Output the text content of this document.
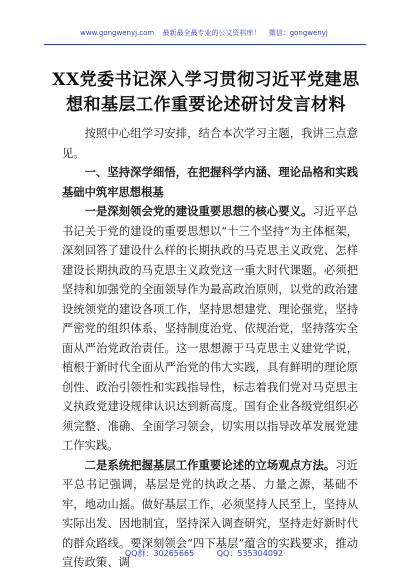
www.gongwenyj.com 最新最全最专业的公文资料库！ 微信：gongwenyj
XX党委书记深入学习贯彻习近平党建思想和基层工作重要论述研讨发言材料

按照中心组学习安排，结合本次学习主题，我讲三点意见。

一、坚持深学细悟，在把握科学内涵、理论品格和实践基础中筑牢思想根基

一是深刻领会党的建设重要思想的核心要义。习近平总书记关于党的建设的重要思想以“十三个坚持”为主体框架，深刻回答了建设什么样的长期执政的马克思主义政党、怎样建设长期执政的马克思主义政党这一重大时代课题。必须把坚持和加强党的全面领导作为最高政治原则，以党的政治建设统领党的建设各项工作，坚持思想建党、理论强党，坚持严密党的组织体系，坚持制度治党、依规治党，坚持落实全面从严治党政治责任。这一思想源于马克思主义建党学说，植根于新时代全面从严治党的伟大实践，具有鲜明的理论原创性、政治引领性和实践指导性，标志着我们党对马克思主义执政党建设规律认识达到新高度。国有企业各级党组织必须完整、准确、全面学习领会，切实用以指导改革发展党建工作实践。

二是系统把握基层工作重要论述的立场观点方法。习近平总书记强调，基层是党的执政之基、力量之源，基础不牢，地动山摇。做好基层工作，必须坚持人民至上，坚持从实际出发、因地制宜，坚持深入调查研究，坚持走好新时代的群众路线。要深刻领会“四下基层”蕴含的实践要求，推动宣传政策、调

QQ群：30265665	QQ：535304092
